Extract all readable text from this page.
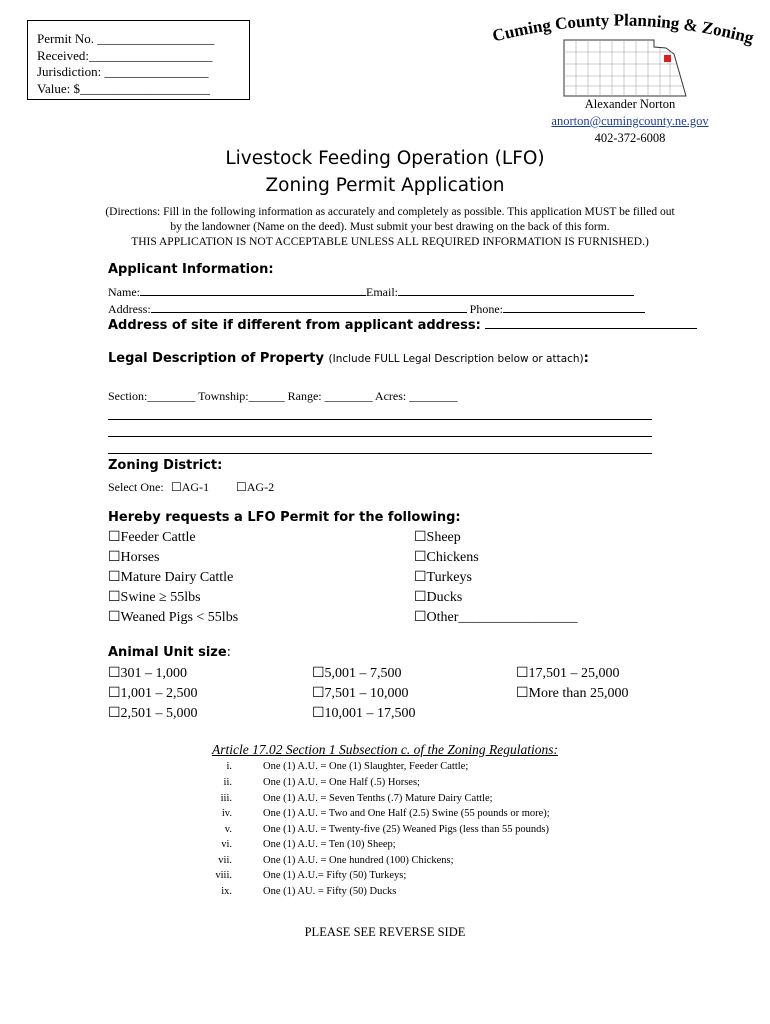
Permit No. __________________
Received:___________________
Jurisdiction: ________________
Value: $____________________
Cuming County Planning & Zoning
Alexander Norton
anorton@cumingcounty.ne.gov
402-372-6008
Livestock Feeding Operation (LFO)
Zoning Permit Application
(Directions: Fill in the following information as accurately and completely as possible. This application MUST be filled out by the landowner (Name on the deed). Must submit your best drawing on the back of this form.
THIS APPLICATION IS NOT ACCEPTABLE UNLESS ALL REQUIRED INFORMATION IS FURNISHED.)
Applicant Information:
Name:	Email:
Address:	Phone:
Address of site if different from applicant address:
Legal Description of Property (Include FULL Legal Description below or attach):
Section:________ Township:______ Range: ________ Acres: ________
Zoning District:
Select One: ☐AG-1 ☐AG-2
Hereby requests a LFO Permit for the following:
☐Feeder Cattle
☐Horses
☐Mature Dairy Cattle
☐Swine ≥ 55lbs
☐Weaned Pigs < 55lbs
☐Sheep
☐Chickens
☐Turkeys
☐Ducks
☐Other_________________
Animal Unit size:
☐301 – 1,000
☐1,001 – 2,500
☐2,501 – 5,000
☐5,001 – 7,500
☐7,501 – 10,000
☐10,001 – 17,500
☐17,501 – 25,000
☐More than 25,000
Article 17.02 Section 1 Subsection c. of the Zoning Regulations:
i.
ii.
iii.
iv.
v.
vi.
vii.
viii.
ix.
One (1) A.U. = One (1) Slaughter, Feeder Cattle;
One (1) A.U. = One Half (.5) Horses;
One (1) A.U. = Seven Tenths (.7) Mature Dairy Cattle;
One (1) A.U. = Two and One Half (2.5) Swine (55 pounds or more);
One (1) A.U. = Twenty-five (25) Weaned Pigs (less than 55 pounds)
One (1) A.U. = Ten (10) Sheep;
One (1) A.U. = One hundred (100) Chickens;
One (1) A.U.= Fifty (50) Turkeys;
One (1) AU. = Fifty (50) Ducks
PLEASE SEE REVERSE SIDE
